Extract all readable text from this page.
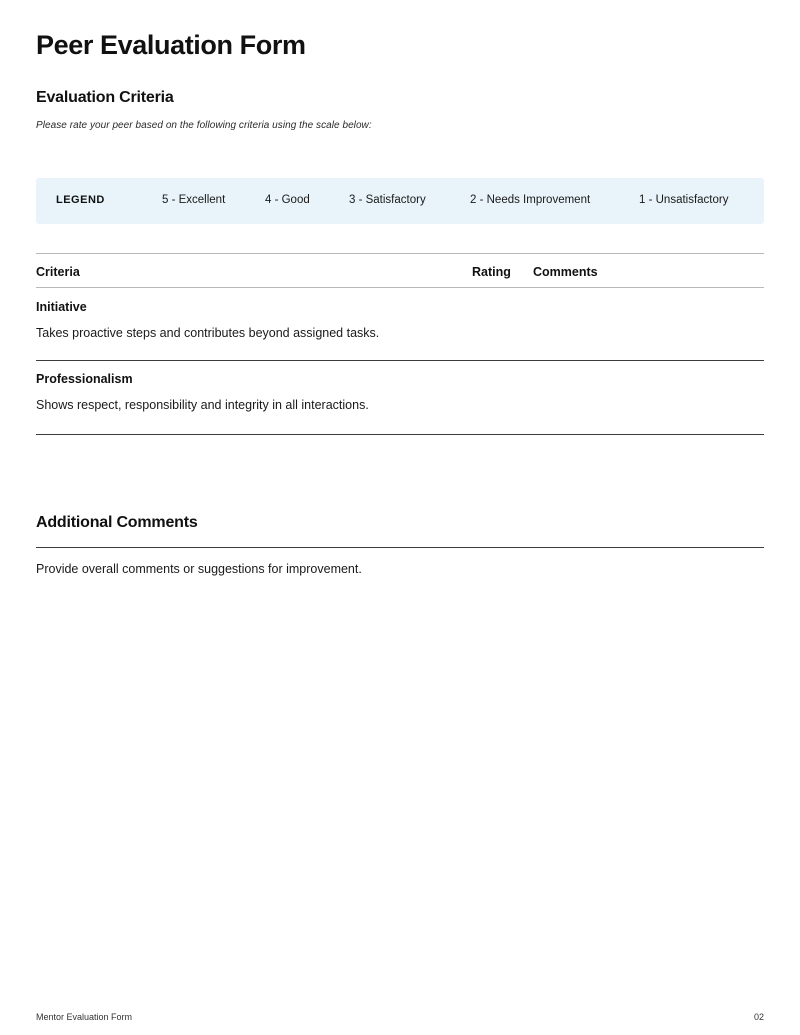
Peer Evaluation Form
Evaluation Criteria

Please rate your peer based on the following criteria using the scale below:

LEGEND	5 - Excellent	4 - Good	3 - Satisfactory	2 - Needs Improvement	1 - Unsatisfactory
Criteria	Rating Comments
Initiative
Takes proactive steps and contributes beyond assigned tasks.
Professionalism
Shows respect, responsibility and integrity in all interactions.
Additional Comments
Provide overall comments or suggestions for improvement.
Mentor Evaluation Form	02
